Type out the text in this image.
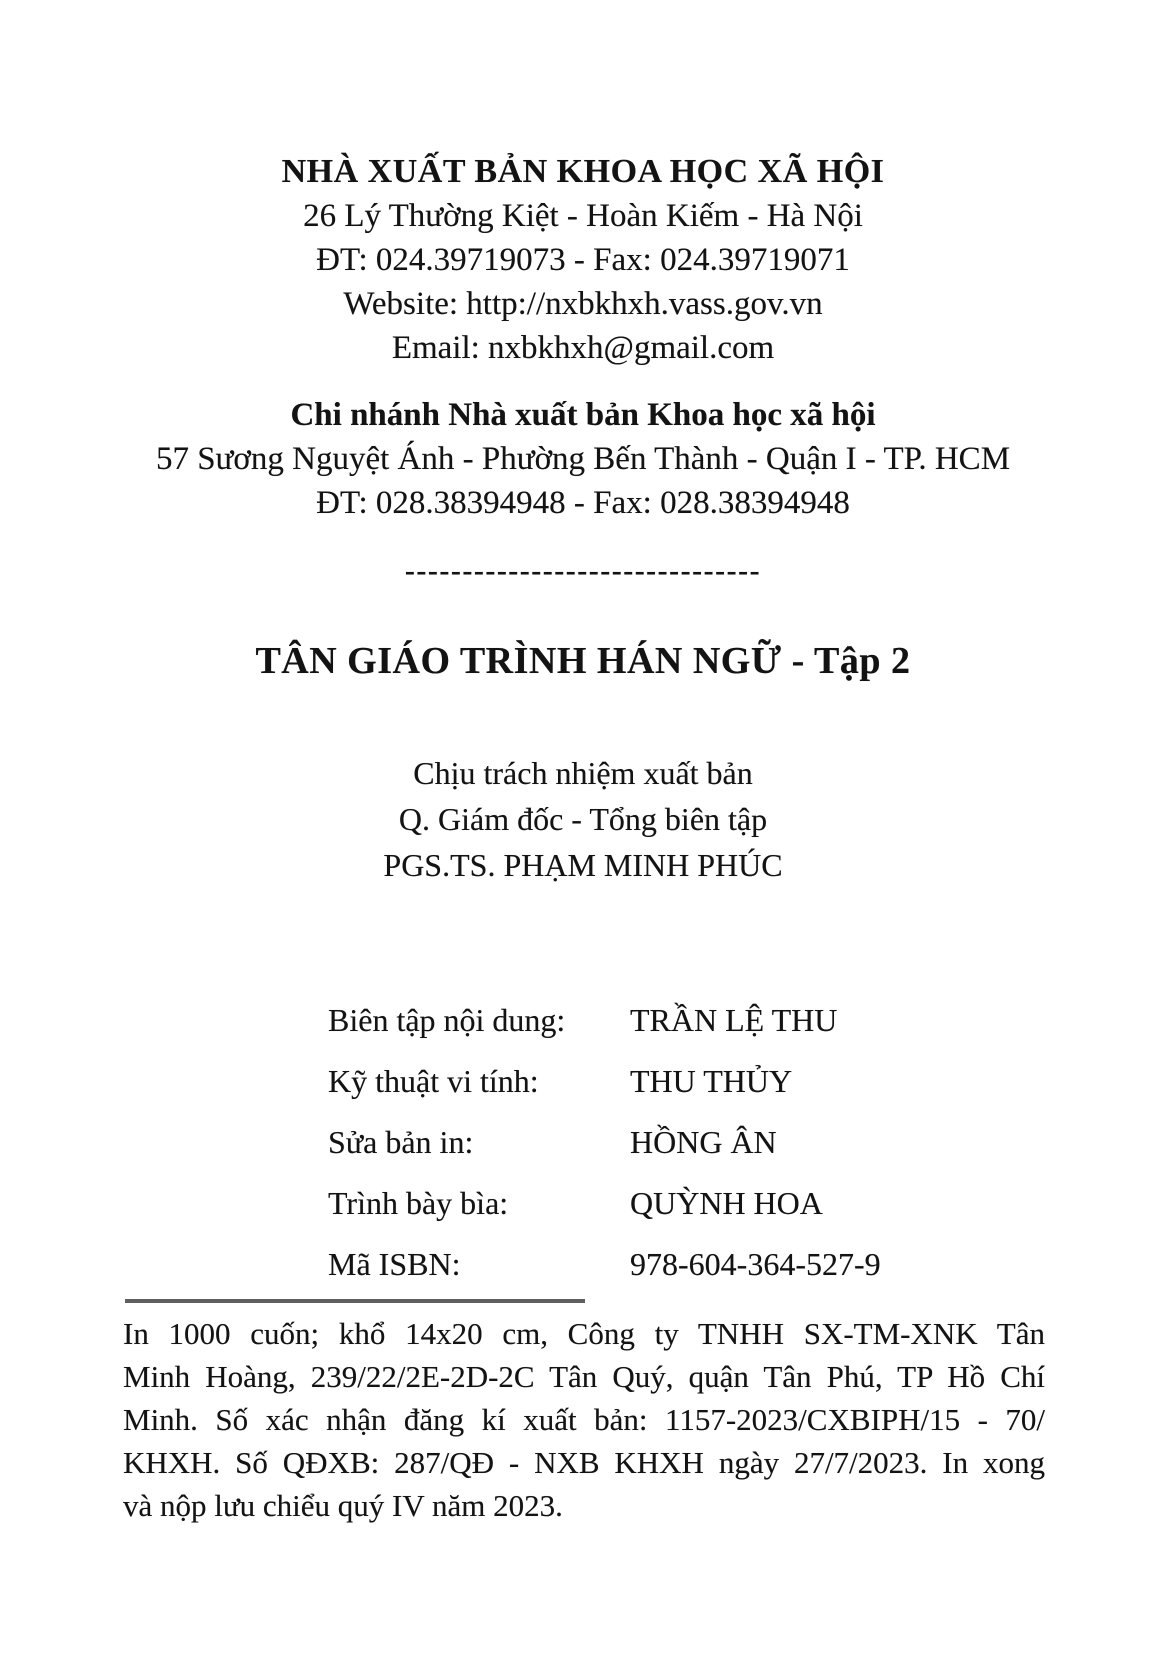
NHÀ XUẤT BẢN KHOA HỌC XÃ HỘI
26 Lý Thường Kiệt - Hoàn Kiếm - Hà Nội
ĐT: 024.39719073 - Fax: 024.39719071
Website: http://nxbkhxh.vass.gov.vn
Email: nxbkhxh@gmail.com
Chi nhánh Nhà xuất bản Khoa học xã hội
57 Sương Nguyệt Ánh - Phường Bến Thành - Quận I - TP. HCM
ĐT: 028.38394948 - Fax: 028.38394948
-------------------------------
TÂN GIÁO TRÌNH HÁN NGỮ - Tập 2
Chịu trách nhiệm xuất bản
Q. Giám đốc - Tổng biên tập
PGS.TS. PHẠM MINH PHÚC
Biên tập nội dung:	TRẦN LỆ THU
Kỹ thuật vi tính:	THU THỦY
Sửa bản in:	HỒNG ÂN
Trình bày bìa:	QUỲNH HOA
Mã ISBN:	978-604-364-527-9
In 1000 cuốn; khổ 14x20 cm, Công ty TNHH SX-TM-XNK Tân
Minh Hoàng, 239/22/2E-2D-2C Tân Quý, quận Tân Phú, TP Hồ Chí
Minh. Số xác nhận đăng kí xuất bản: 1157-2023/CXBIPH/15 - 70/
KHXH. Số QĐXB: 287/QĐ - NXB KHXH ngày 27/7/2023. In xong
và nộp lưu chiểu quý IV năm 2023.
